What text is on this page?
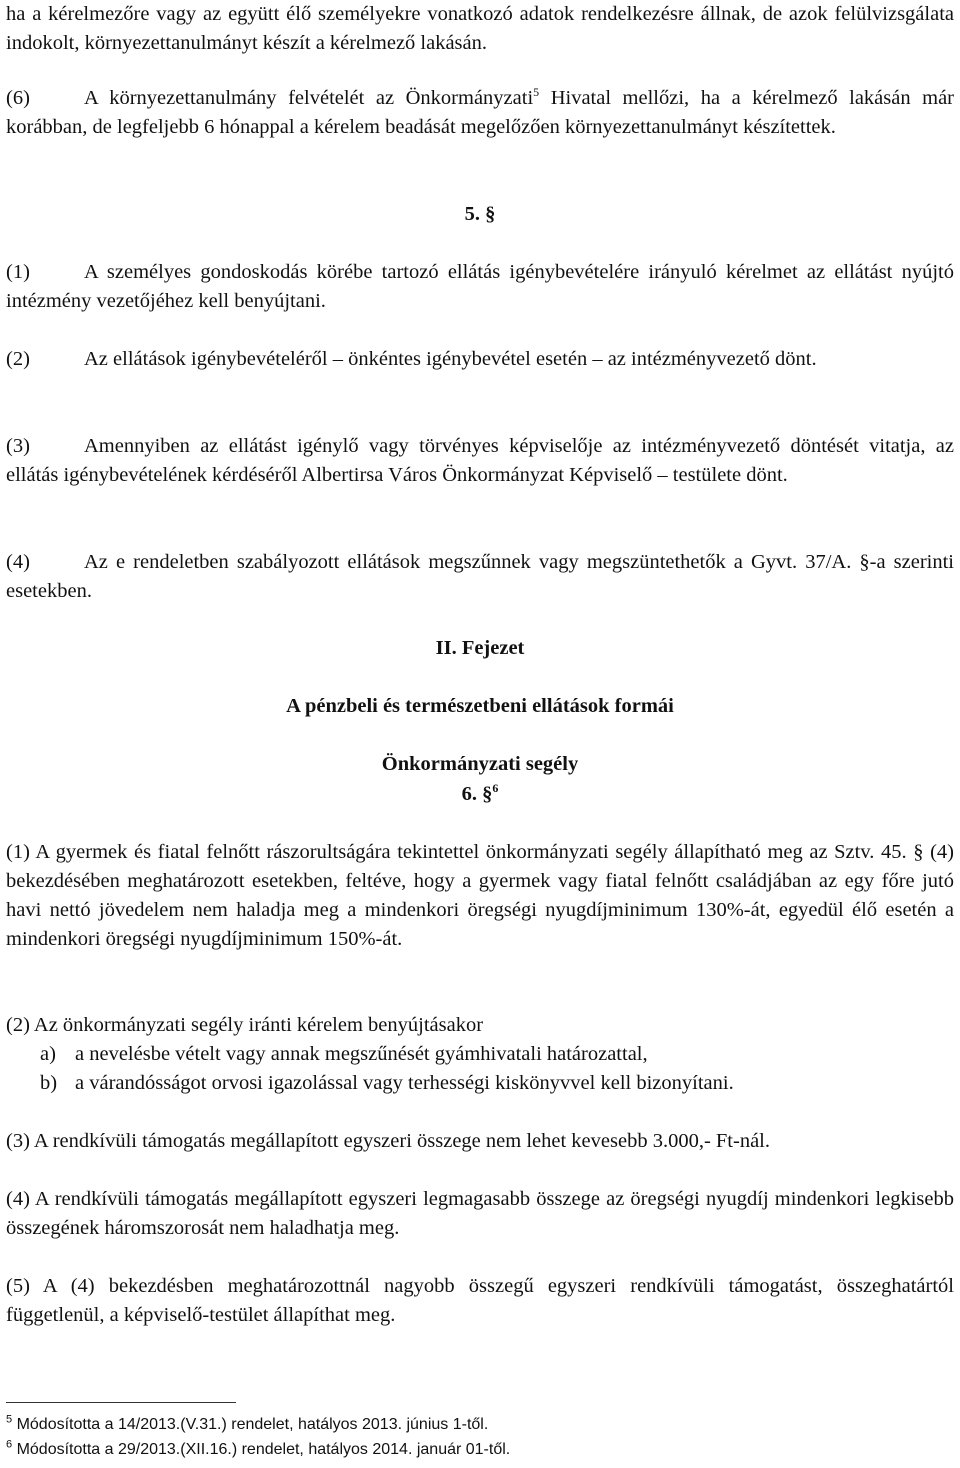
ha a kérelmezőre vagy az együtt élő személyekre vonatkozó adatok rendelkezésre állnak, de azok felülvizsgálata indokolt, környezettanulmányt készít a kérelmező lakásán.

(6)	A környezettanulmány felvételét az Önkormányzati$^5$ Hivatal mellőzi, ha a kérelmező lakásán már korábban, de legfeljebb 6 hónappal a kérelem beadását megelőzően környezettanulmányt készítettek.

5. §

(1)	A személyes gondoskodás körébe tartozó ellátás igénybevételére irányuló kérelmet az ellátást nyújtó intézmény vezetőjéhez kell benyújtani.

(2)	Az ellátások igénybevételéről – önkéntes igénybevétel esetén – az intézményvezető dönt.

(3)	Amennyiben az ellátást igénylő vagy törvényes képviselője az intézményvezető döntését vitatja, az ellátás igénybevételének kérdéséről Albertirsa Város Önkormányzat Képviselő – testülete dönt.

(4)	Az e rendeletben szabályozott ellátások megszűnnek vagy megszüntethetők a Gyvt. 37/A. §-a szerinti esetekben.

II. Fejezet

A pénzbeli és természetbeni ellátások formái

Önkormányzati segély

6. §$^6$

(1) A gyermek és fiatal felnőtt rászorultságára tekintettel önkormányzati segély állapítható meg az Sztv. 45. § (4) bekezdésében meghatározott esetekben, feltéve, hogy a gyermek vagy fiatal felnőtt családjában az egy főre jutó havi nettó jövedelem nem haladja meg a mindenkori öregségi nyugdíjminimum 130%-át, egyedül élő esetén a mindenkori öregségi nyugdíjminimum 150%-át.

(2) Az önkormányzati segély iránti kérelem benyújtásakor

a) a nevelésbe vételt vagy annak megszűnését gyámhivatali határozattal,

b) a várandósságot orvosi igazolással vagy terhességi kiskönyvvel kell bizonyítani.

(3) A rendkívüli támogatás megállapított egyszeri összege nem lehet kevesebb 3.000,- Ft-nál.

(4) A rendkívüli támogatás megállapított egyszeri legmagasabb összege az öregségi nyugdíj mindenkori legkisebb összegének háromszorosát nem haladhatja meg.

(5) A (4) bekezdésben meghatározottnál nagyobb összegű egyszeri rendkívüli támogatást, összeghatártól függetlenül, a képviselő-testület állapíthat meg.

$^5$ Módosította a 14/2013.(V.31.) rendelet, hatályos 2013. június 1-től.
$^6$ Módosította a 29/2013.(XII.16.) rendelet, hatályos 2014. január 01-től.
